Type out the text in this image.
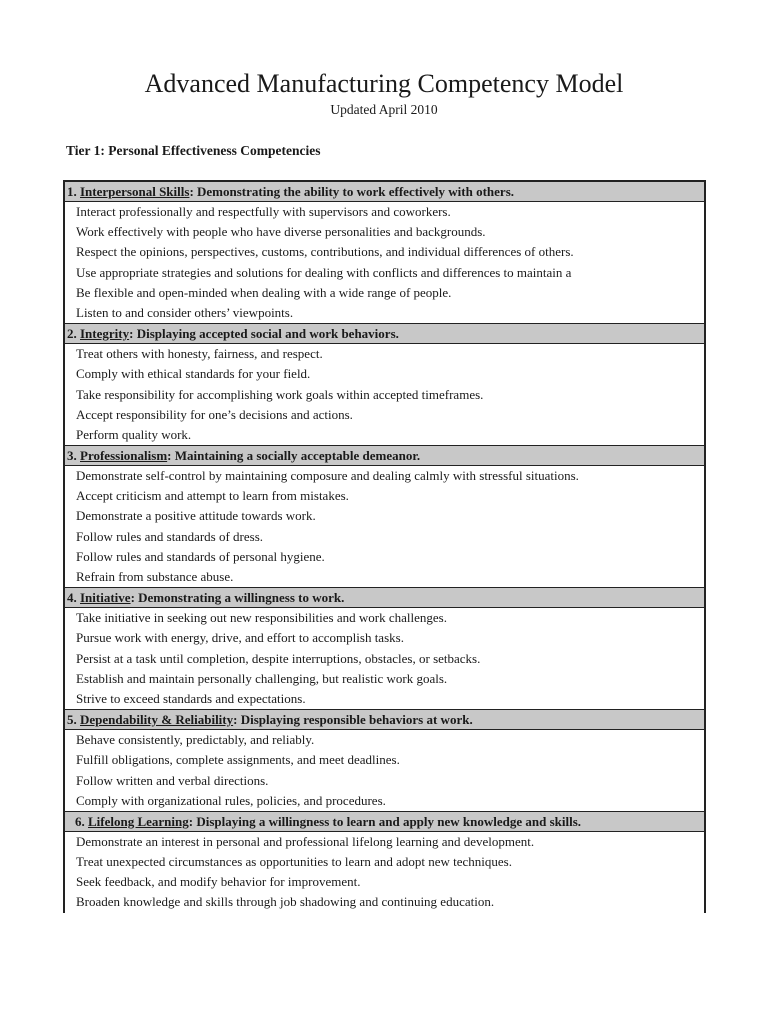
Advanced Manufacturing Competency Model
Updated April 2010
Tier 1: Personal Effectiveness Competencies
1. Interpersonal Skills: Demonstrating the ability to work effectively with others.
Interact professionally and respectfully with supervisors and coworkers.
Work effectively with people who have diverse personalities and backgrounds.
Respect the opinions, perspectives, customs, contributions, and individual differences of others.
Use appropriate strategies and solutions for dealing with conflicts and differences to maintain a
Be flexible and open-minded when dealing with a wide range of people.
Listen to and consider others’ viewpoints.
2. Integrity: Displaying accepted social and work behaviors.
Treat others with honesty, fairness, and respect.
Comply with ethical standards for your field.
Take responsibility for accomplishing work goals within accepted timeframes.
Accept responsibility for one’s decisions and actions.
Perform quality work.
3. Professionalism: Maintaining a socially acceptable demeanor.
Demonstrate self-control by maintaining composure and dealing calmly with stressful situations.
Accept criticism and attempt to learn from mistakes.
Demonstrate a positive attitude towards work.
Follow rules and standards of dress.
Follow rules and standards of personal hygiene.
Refrain from substance abuse.
4. Initiative: Demonstrating a willingness to work.
Take initiative in seeking out new responsibilities and work challenges.
Pursue work with energy, drive, and effort to accomplish tasks.
Persist at a task until completion, despite interruptions, obstacles, or setbacks.
Establish and maintain personally challenging, but realistic work goals.
Strive to exceed standards and expectations.
5. Dependability & Reliability: Displaying responsible behaviors at work.
Behave consistently, predictably, and reliably.
Fulfill obligations, complete assignments, and meet deadlines.
Follow written and verbal directions.
Comply with organizational rules, policies, and procedures.
6. Lifelong Learning: Displaying a willingness to learn and apply new knowledge and skills.
Demonstrate an interest in personal and professional lifelong learning and development.
Treat unexpected circumstances as opportunities to learn and adopt new techniques.
Seek feedback, and modify behavior for improvement.
Broaden knowledge and skills through job shadowing and continuing education.
